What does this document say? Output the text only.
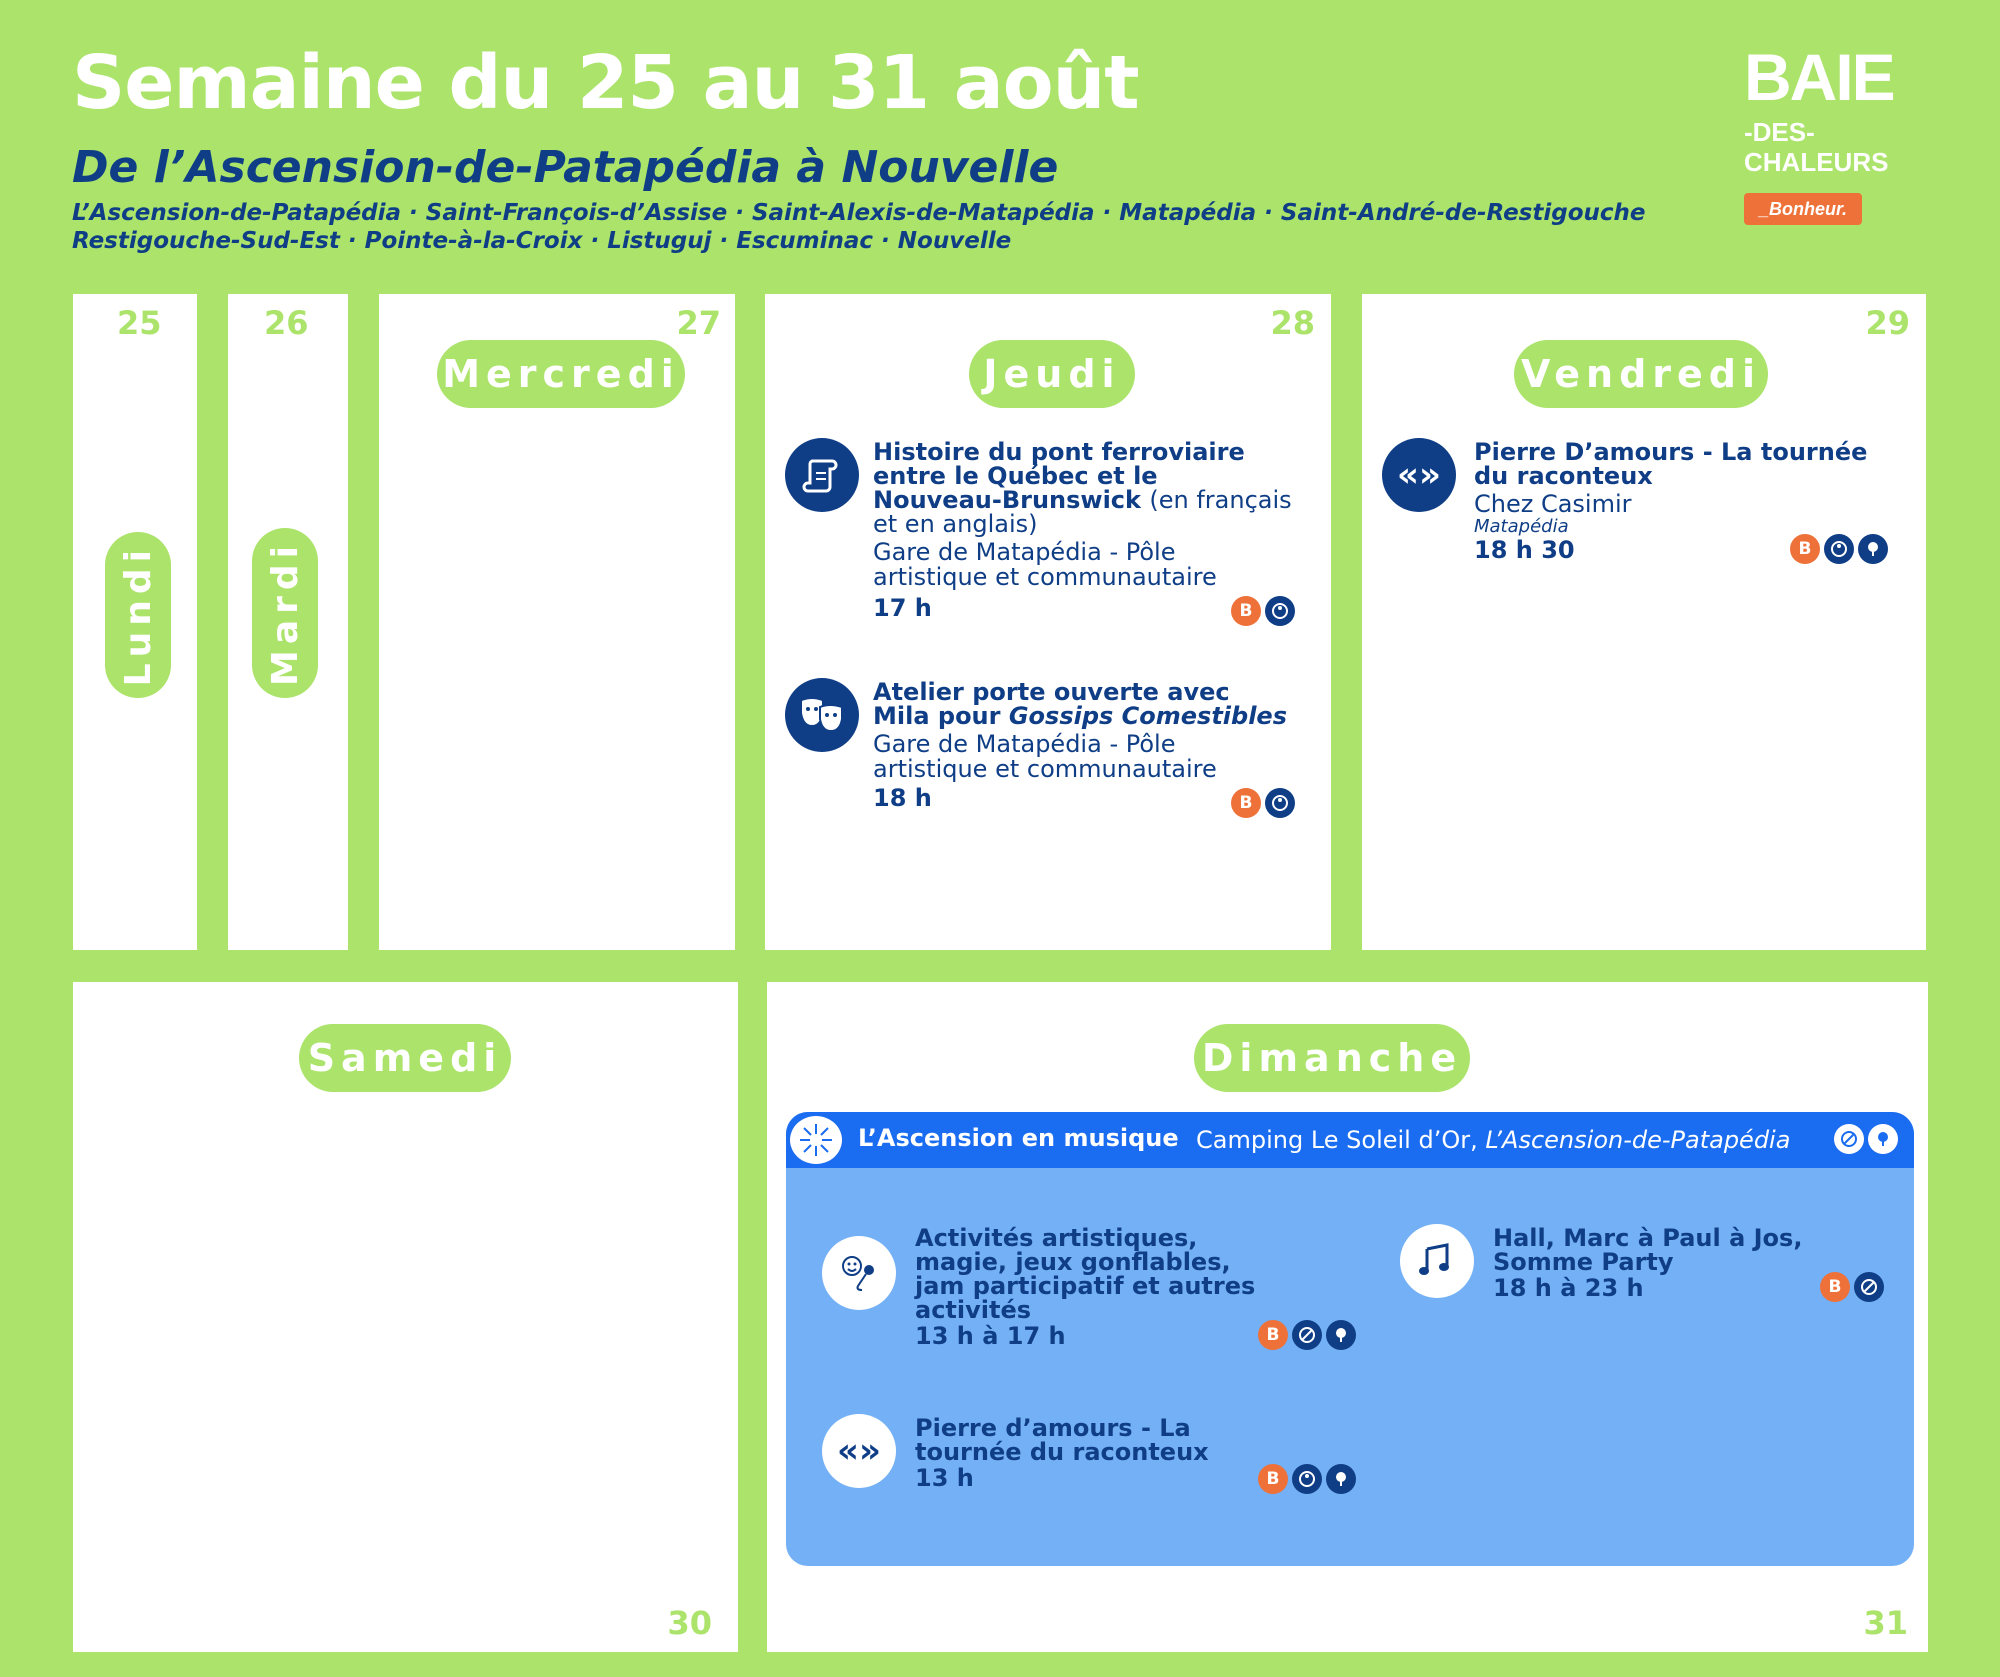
Semaine du 25 au 31 août
De l’Ascension-de-Patapédia à Nouvelle
L’Ascension-de-Patapédia · Saint-François-d’Assise · Saint-Alexis-de-Matapédia · Matapédia · Saint-André-de-Restigouche
Restigouche-Sud-Est · Pointe-à-la-Croix · Listuguj · Escuminac · Nouvelle
BAIE
-DES-
CHALEURS
_Bonheur.
25
Lundi
26
Mardi
27
Mercredi
28
Jeudi
Histoire du pont ferroviaire entre le Québec et le Nouveau-Brunswick (en français et en anglais)
Gare de Matapédia - Pôle artistique et communautaire
17 h	B
Atelier porte ouverte avec Mila pour Gossips Comestibles
Gare de Matapédia - Pôle artistique et communautaire
18 h	B
29
Vendredi
«»
Pierre D’amours - La tournée du raconteux
Chez Casimir
Matapédia
18 h 30	B
Samedi
30
Dimanche
31
L’Ascension en musique Camping Le Soleil d’Or, L’Ascension-de-Patapédia
Activités artistiques, magie, jeux gonflables, jam participatif et autres activités
13 h à 17 h	B
Hall, Marc à Paul à Jos, Somme Party
18 h à 23 h	B
«»
Pierre d’amours - La tournée du raconteux
13 h	B
